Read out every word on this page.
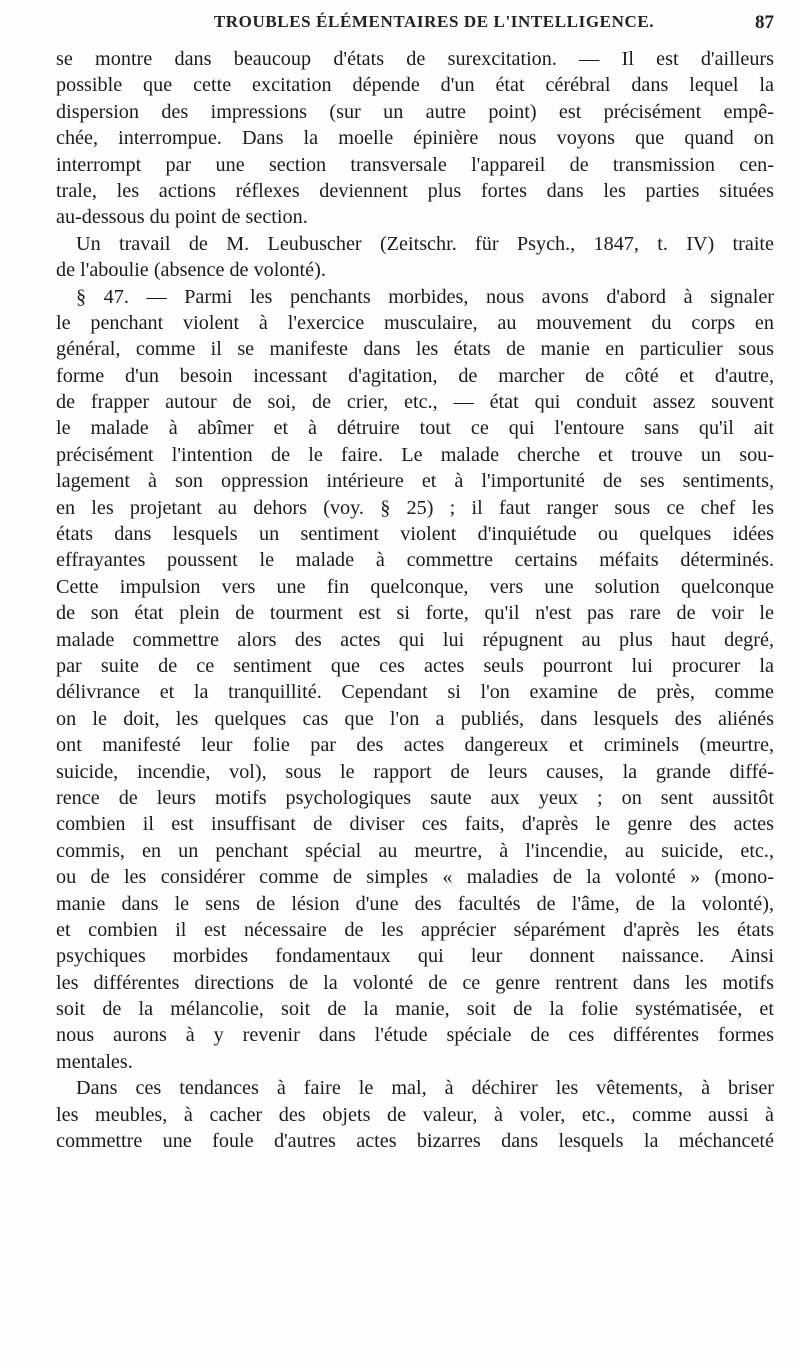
TROUBLES ÉLÉMENTAIRES DE L'INTELLIGENCE.	87
se montre dans beaucoup d'états de surexcitation. — Il est d'ailleurs
possible que cette excitation dépende d'un état cérébral dans lequel la
dispersion des impressions (sur un autre point) est précisément empê-
chée, interrompue. Dans la moelle épinière nous voyons que quand on
interrompt par une section transversale l'appareil de transmission cen-
trale, les actions réflexes deviennent plus fortes dans les parties situées
au-dessous du point de section.
Un travail de M. Leubuscher (Zeitschr. für Psych., 1847, t. IV) traite
de l'aboulie (absence de volonté).
§ 47. — Parmi les penchants morbides, nous avons d'abord à signaler
le penchant violent à l'exercice musculaire, au mouvement du corps en
général, comme il se manifeste dans les états de manie en particulier sous
forme d'un besoin incessant d'agitation, de marcher de côté et d'autre,
de frapper autour de soi, de crier, etc., — état qui conduit assez souvent
le malade à abîmer et à détruire tout ce qui l'entoure sans qu'il ait
précisément l'intention de le faire. Le malade cherche et trouve un sou-
lagement à son oppression intérieure et à l'importunité de ses sentiments,
en les projetant au dehors (voy. § 25) ; il faut ranger sous ce chef les
états dans lesquels un sentiment violent d'inquiétude ou quelques idées
effrayantes poussent le malade à commettre certains méfaits déterminés.
Cette impulsion vers une fin quelconque, vers une solution quelconque
de son état plein de tourment est si forte, qu'il n'est pas rare de voir le
malade commettre alors des actes qui lui répugnent au plus haut degré,
par suite de ce sentiment que ces actes seuls pourront lui procurer la
délivrance et la tranquillité. Cependant si l'on examine de près, comme
on le doit, les quelques cas que l'on a publiés, dans lesquels des aliénés
ont manifesté leur folie par des actes dangereux et criminels (meurtre,
suicide, incendie, vol), sous le rapport de leurs causes, la grande diffé-
rence de leurs motifs psychologiques saute aux yeux ; on sent aussitôt
combien il est insuffisant de diviser ces faits, d'après le genre des actes
commis, en un penchant spécial au meurtre, à l'incendie, au suicide, etc.,
ou de les considérer comme de simples « maladies de la volonté » (mono-
manie dans le sens de lésion d'une des facultés de l'âme, de la volonté),
et combien il est nécessaire de les apprécier séparément d'après les états
psychiques morbides fondamentaux qui leur donnent naissance. Ainsi
les différentes directions de la volonté de ce genre rentrent dans les motifs
soit de la mélancolie, soit de la manie, soit de la folie systématisée, et
nous aurons à y revenir dans l'étude spéciale de ces différentes formes
mentales.
Dans ces tendances à faire le mal, à déchirer les vêtements, à briser
les meubles, à cacher des objets de valeur, à voler, etc., comme aussi à
commettre une foule d'autres actes bizarres dans lesquels la méchanceté
